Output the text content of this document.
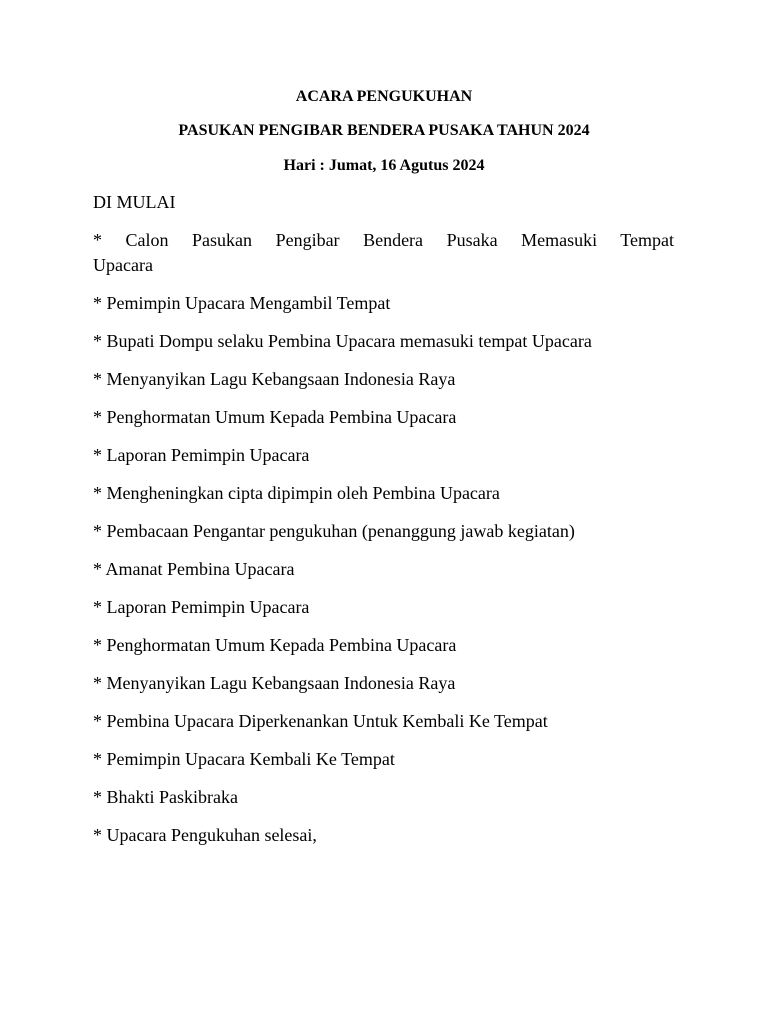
ACARA PENGUKUHAN

PASUKAN PENGIBAR BENDERA PUSAKA TAHUN 2024

Hari : Jumat, 16 Agutus 2024

DI MULAI

* Calon Pasukan Pengibar Bendera Pusaka Memasuki Tempat
Upacara
* Pemimpin Upacara Mengambil Tempat
* Bupati Dompu selaku Pembina Upacara memasuki tempat Upacara
* Menyanyikan Lagu Kebangsaan Indonesia Raya
* Penghormatan Umum Kepada Pembina Upacara
* Laporan Pemimpin Upacara
* Mengheningkan cipta dipimpin oleh Pembina Upacara
* Pembacaan Pengantar pengukuhan (penanggung jawab kegiatan)
* Amanat Pembina Upacara
* Laporan Pemimpin Upacara
* Penghormatan Umum Kepada Pembina Upacara
* Menyanyikan Lagu Kebangsaan Indonesia Raya
* Pembina Upacara Diperkenankan Untuk Kembali Ke Tempat
* Pemimpin Upacara Kembali Ke Tempat
* Bhakti Paskibraka
* Upacara Pengukuhan selesai,
